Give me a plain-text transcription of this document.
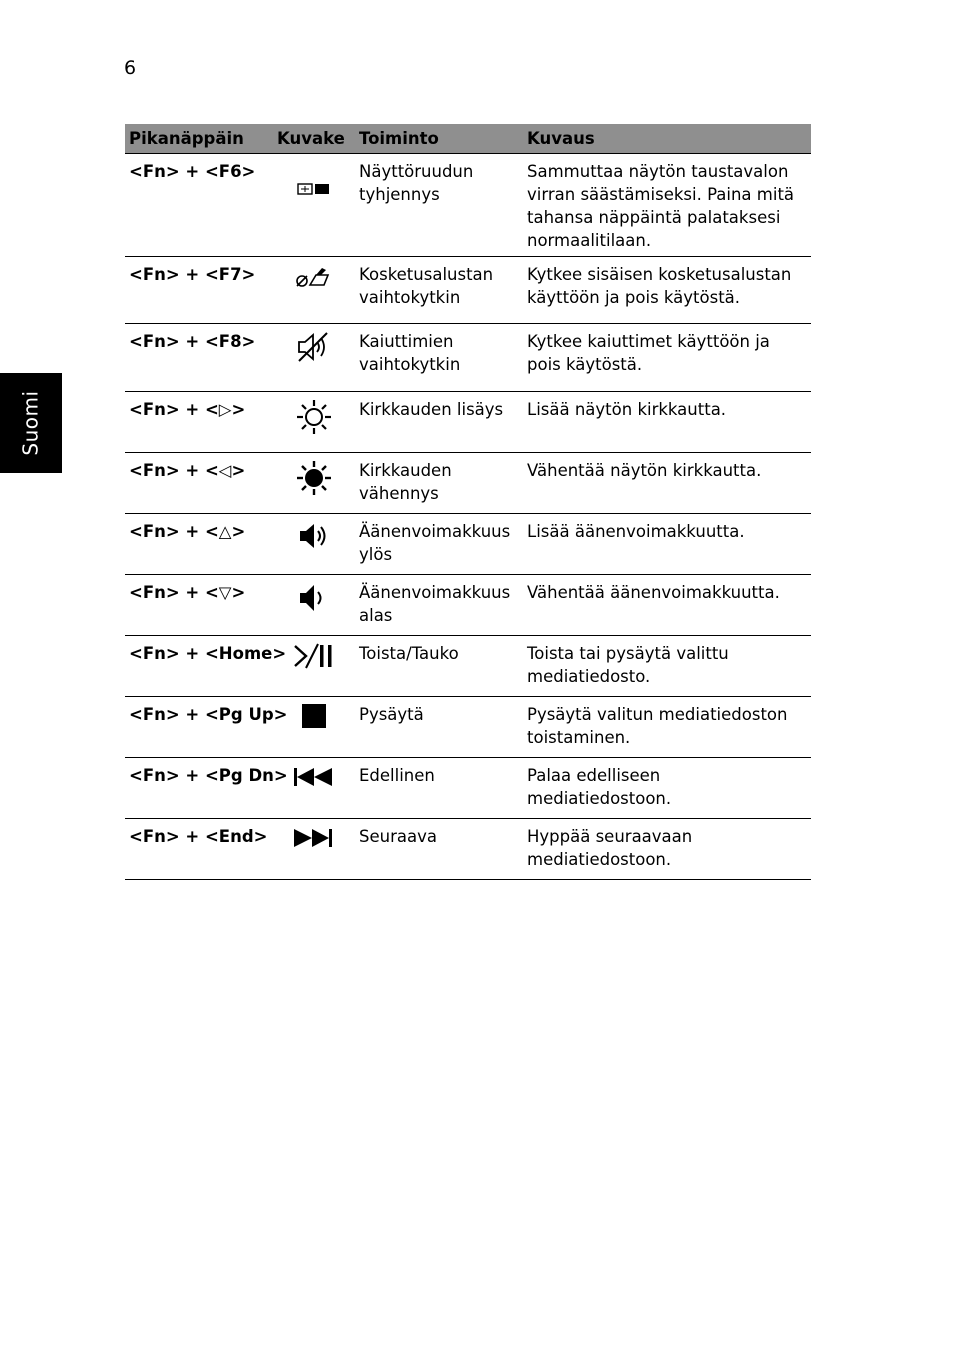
6
Suomi
Pikanäppäin	Kuvake	Toiminto	Kuvaus
<Fn> + <F6>		Näyttöruudun tyhjennys	Sammuttaa näytön taustavalon virran säästämiseksi. Paina mitä tahansa näppäintä palataksesi normaalitilaan.
<Fn> + <F7>		Kosketusalustan vaihtokytkin	Kytkee sisäisen kosketusalustan käyttöön ja pois käytöstä.
<Fn> + <F8>		Kaiuttimien vaihtokytkin	Kytkee kaiuttimet käyttöön ja pois käytöstä.
<Fn> + <▷>		Kirkkauden lisäys	Lisää näytön kirkkautta.
<Fn> + <◁>		Kirkkauden vähennys	Vähentää näytön kirkkautta.
<Fn> + <△>		Äänenvoimakkuus ylös	Lisää äänenvoimakkuutta.
<Fn> + <▽>		Äänenvoimakkuus alas	Vähentää äänenvoimakkuutta.
<Fn> + <Home>		Toista/Tauko	Toista tai pysäytä valittu mediatiedosto.
<Fn> + <Pg Up>		Pysäytä	Pysäytä valitun mediatiedoston toistaminen.
<Fn> + <Pg Dn>		Edellinen	Palaa edelliseen mediatiedostoon.
<Fn> + <End>		Seuraava	Hyppää seuraavaan mediatiedostoon.
